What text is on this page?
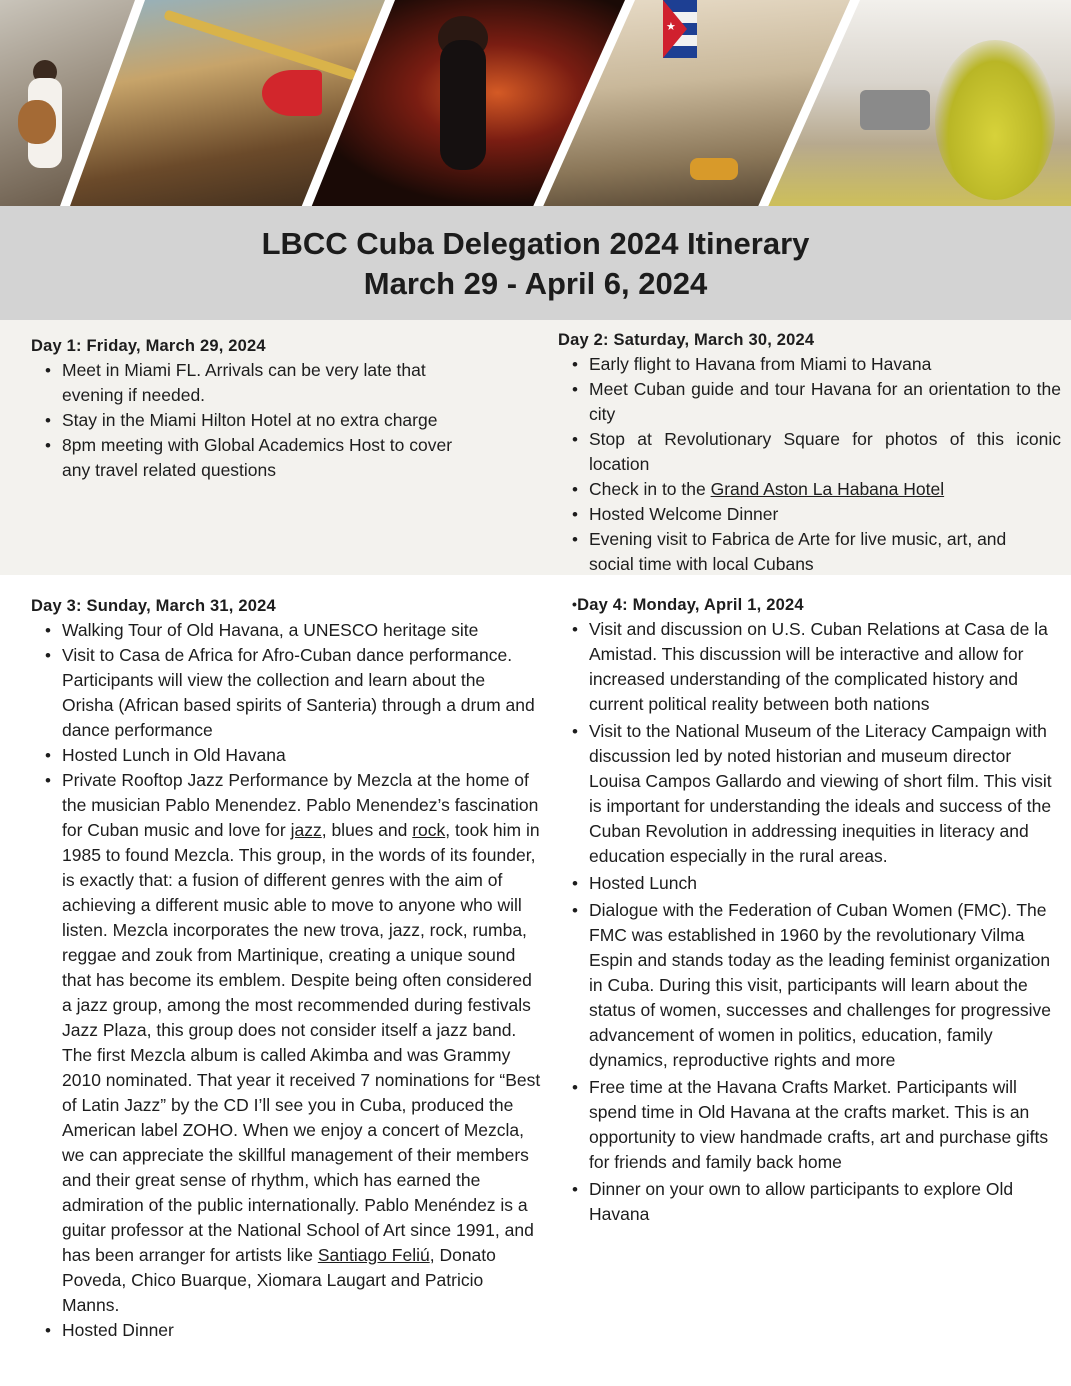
★
LBCC Cuba Delegation 2024 Itinerary
March 29 - April 6, 2024
Day 1: Friday, March 29, 2024
• Meet in Miami FL. Arrivals can be very late that evening if needed.
• Stay in the Miami Hilton Hotel at no extra charge
• 8pm meeting with Global Academics Host to cover any travel related questions
Day 2: Saturday, March 30, 2024
• Early flight to Havana from Miami to Havana
• Meet Cuban guide and tour Havana for an orientation to the city
• Stop at Revolutionary Square for photos of this iconic location
• Check in to the Grand Aston La Habana Hotel
• Hosted Welcome Dinner
• Evening visit to Fabrica de Arte for live music, art, and social time with local Cubans
Day 3: Sunday, March 31, 2024
• Walking Tour of Old Havana, a UNESCO heritage site
• Visit to Casa de Africa for Afro-Cuban dance performance. Participants will view the collection and learn about the Orisha (African based spirits of Santeria) through a drum and dance performance
• Hosted Lunch in Old Havana
• Private Rooftop Jazz Performance by Mezcla at the home of the musician Pablo Menendez. Pablo Menendez’s fascination for Cuban music and love for jazz, blues and rock, took him in 1985 to found Mezcla. This group, in the words of its founder, is exactly that: a fusion of different genres with the aim of achieving a different music able to move to anyone who will listen. Mezcla incorporates the new trova, jazz, rock, rumba, reggae and zouk from Martinique, creating a unique sound that has become its emblem. Despite being often considered a jazz group, among the most recommended during festivals Jazz Plaza, this group does not consider itself a jazz band. The first Mezcla album is called Akimba and was Grammy 2010 nominated. That year it received 7 nominations for “Best of Latin Jazz” by the CD I’ll see you in Cuba, produced the American label ZOHO. When we enjoy a concert of Mezcla, we can appreciate the skillful management of their members and their great sense of rhythm, which has earned the admiration of the public internationally. Pablo Menéndez is a guitar professor at the National School of Art since 1991, and has been arranger for artists like Santiago Feliú, Donato Poveda, Chico Buarque, Xiomara Laugart and Patricio Manns.
• Hosted Dinner
•Day 4: Monday, April 1, 2024
• Visit and discussion on U.S. Cuban Relations at Casa de la Amistad. This discussion will be interactive and allow for increased understanding of the complicated history and current political reality between both nations
• Visit to the National Museum of the Literacy Campaign with discussion led by noted historian and museum director Louisa Campos Gallardo and viewing of short film. This visit is important for understanding the ideals and success of the Cuban Revolution in addressing inequities in literacy and education especially in the rural areas.
• Hosted Lunch
• Dialogue with the Federation of Cuban Women (FMC). The FMC was established in 1960 by the revolutionary Vilma Espin and stands today as the leading feminist organization in Cuba. During this visit, participants will learn about the status of women, successes and challenges for progressive advancement of women in politics, education, family dynamics, reproductive rights and more
• Free time at the Havana Crafts Market. Participants will spend time in Old Havana at the crafts market. This is an opportunity to view handmade crafts, art and purchase gifts for friends and family back home
• Dinner on your own to allow participants to explore Old Havana
